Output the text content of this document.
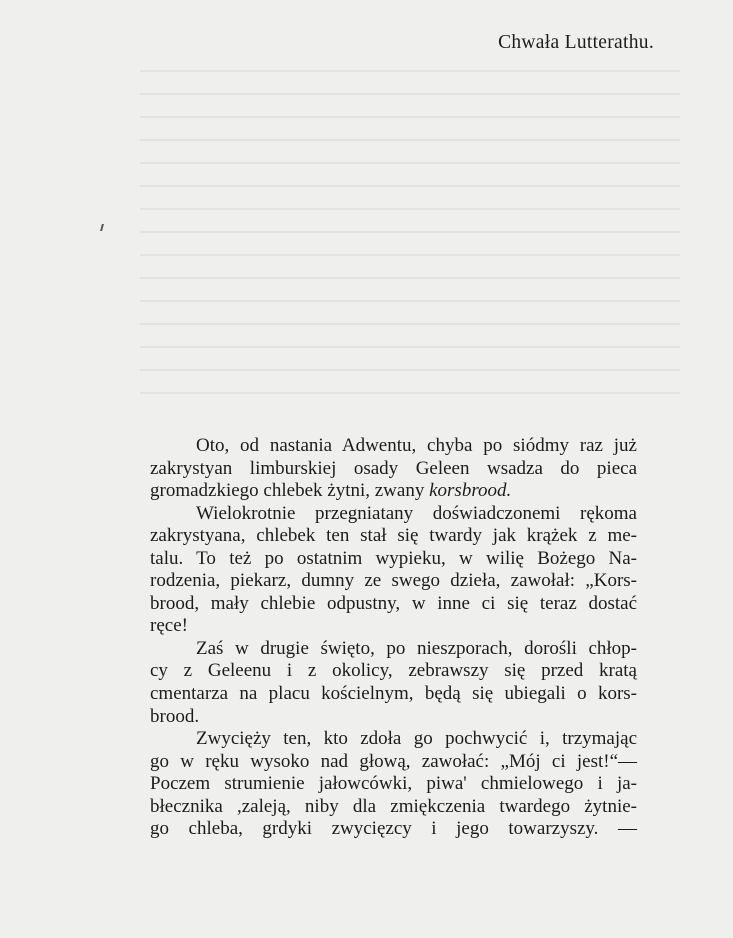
Chwała Lutterathu.
Oto, od nastania Adwentu, chyba po siódmy raz już
zakrystyan limburskiej osady Geleen wsadza do pieca
gromadzkiego chlebek żytni, zwany korsbrood.
Wielokrotnie przegniatany doświadczonemi rękoma
zakrystyana, chlebek ten stał się twardy jak krążek z me-
talu. To też po ostatnim wypieku, w wilię Bożego Na-
rodzenia, piekarz, dumny ze swego dzieła, zawołał: „Kors-
brood, mały chlebie odpustny, w inne ci się teraz dostać
ręce!
Zaś w drugie święto, po nieszporach, dorośli chłop-
cy z Geleenu i z okolicy, zebrawszy się przed kratą
cmentarza na placu kościelnym, będą się ubiegali o kors-
brood.
Zwycięży ten, kto zdoła go pochwycić i, trzymając
go w ręku wysoko nad głową, zawołać: „Mój ci jest!“—
Poczem strumienie jałowcówki, piwa' chmielowego i ja-
błecznika ,zaleją, niby dla zmiękczenia twardego żytnie-
go chleba, grdyki zwycięzcy i jego towarzyszy. —
